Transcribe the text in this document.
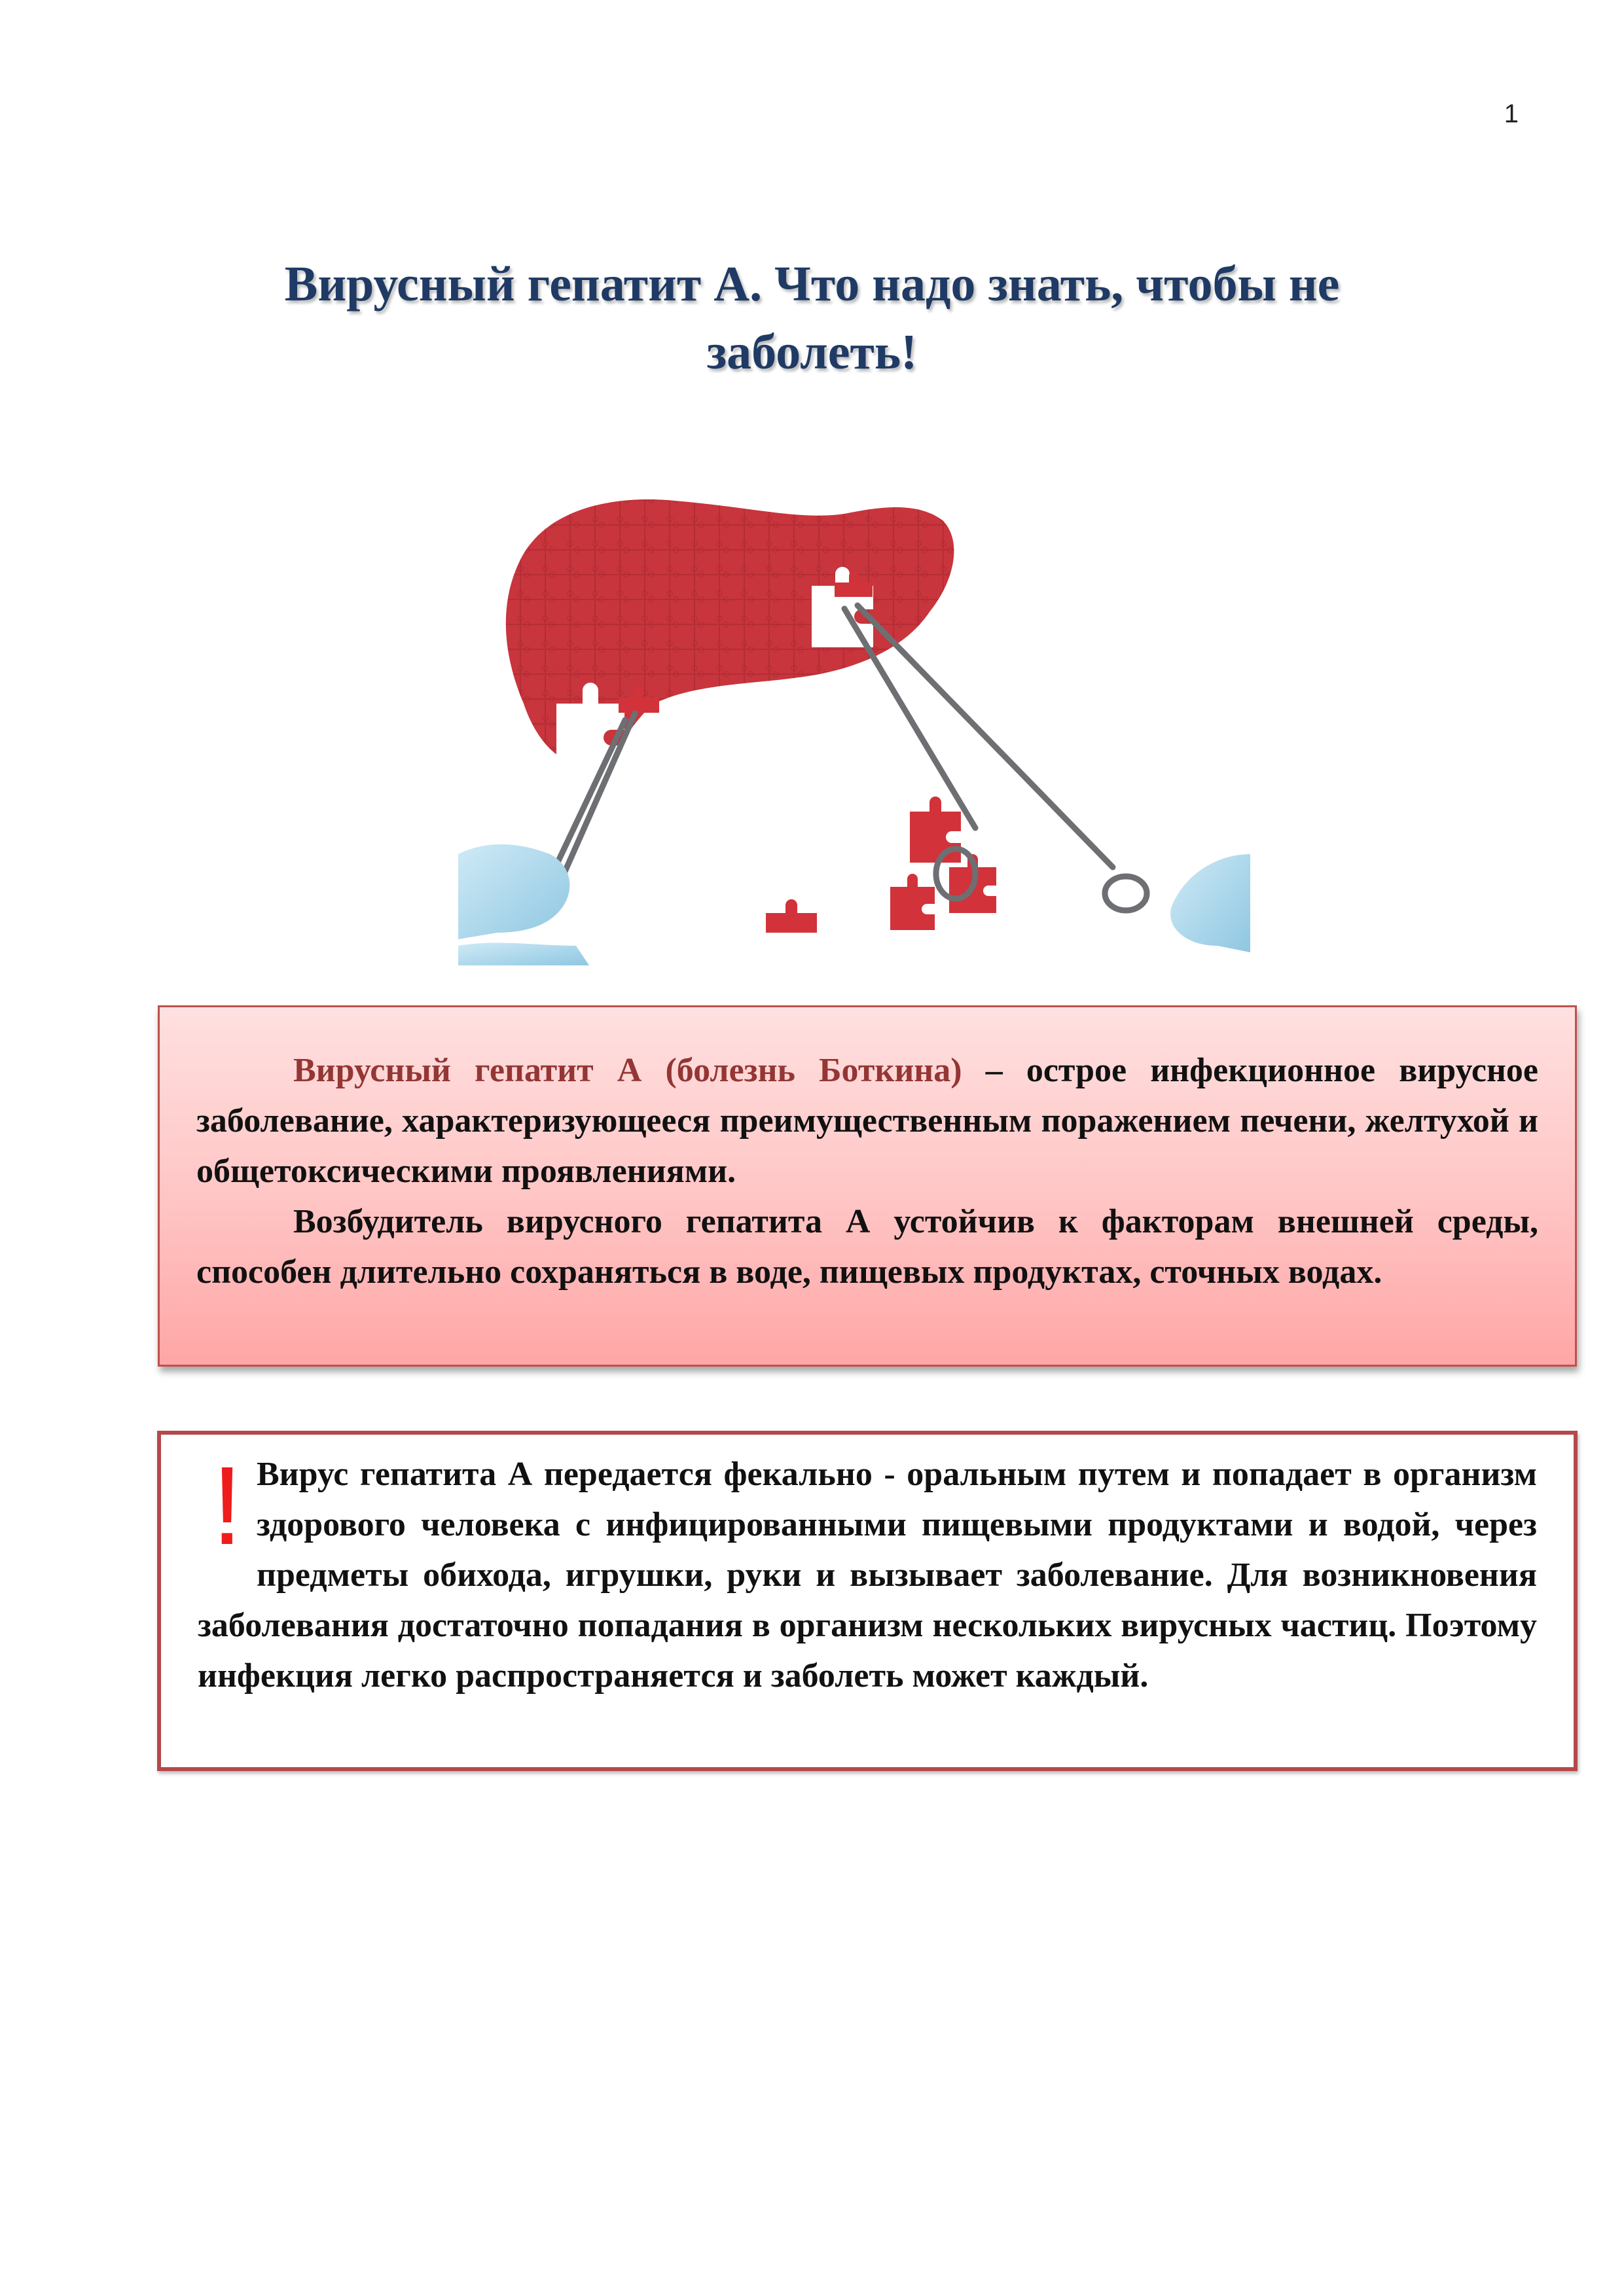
1
Вирусный гепатит А. Что надо знать, чтобы не заболеть!

Вирусный гепатит А (болезнь Боткина) – острое инфекционное вирусное заболевание, характеризующееся преимущественным поражением печени, желтухой и общетоксическими проявлениями.

Возбудитель вирусного гепатита А устойчив к факторам внешней среды, способен длительно сохраняться в воде, пищевых продуктах, сточных водах.

! Вирус гепатита А передается фекально - оральным путем и попадает в организм здорового человека с инфицированными пищевыми продуктами и водой, через предметы обихода, игрушки, руки и вызывает заболевание. Для возникновения заболевания достаточно попадания в организм нескольких вирусных частиц. Поэтому инфекция легко распространяется и заболеть может каждый.
